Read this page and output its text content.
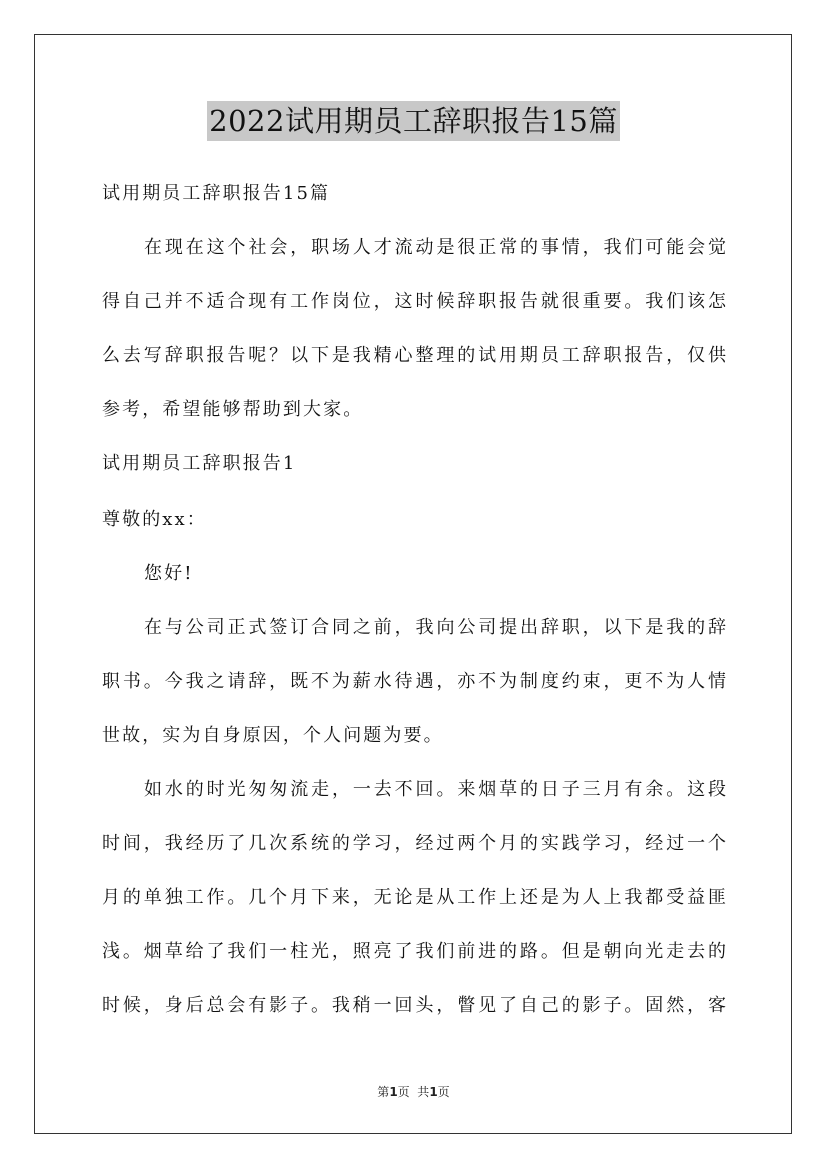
2022试用期员工辞职报告15篇
试用期员工辞职报告15篇
在现在这个社会，职场人才流动是很正常的事情，我们可能会觉
得自己并不适合现有工作岗位，这时候辞职报告就很重要。我们该怎
么去写辞职报告呢？以下是我精心整理的试用期员工辞职报告，仅供
参考，希望能够帮助到大家。
试用期员工辞职报告1
尊敬的xx：
您好!
在与公司正式签订合同之前，我向公司提出辞职，以下是我的辞
职书。今我之请辞，既不为薪水待遇，亦不为制度约束，更不为人情
世故，实为自身原因，个人问题为要。
如水的时光匆匆流走，一去不回。来烟草的日子三月有余。这段
时间，我经历了几次系统的学习，经过两个月的实践学习，经过一个
月的单独工作。几个月下来，无论是从工作上还是为人上我都受益匪
浅。烟草给了我们一柱光，照亮了我们前进的路。但是朝向光走去的
时候，身后总会有影子。我稍一回头，瞥见了自己的影子。固然，客
第1页  共1页
